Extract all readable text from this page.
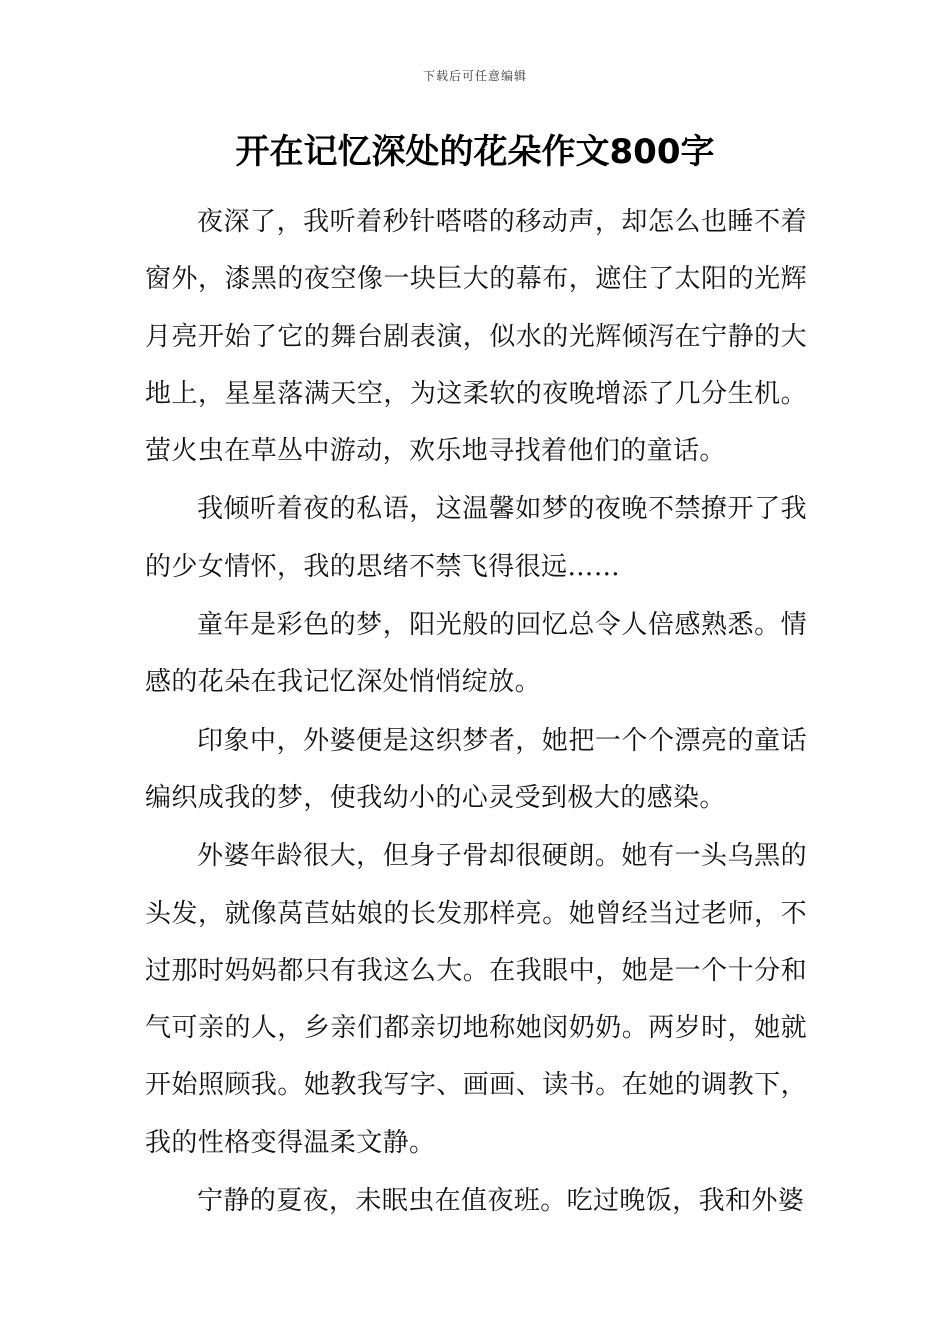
下载后可任意编辑
开在记忆深处的花朵作文800字

夜深了，我听着秒针嗒嗒的移动声，却怎么也睡不着窗外，漆黑的夜空像一块巨大的幕布，遮住了太阳的光辉月亮开始了它的舞台剧表演，似水的光辉倾泻在宁静的大地上，星星落满天空，为这柔软的夜晚增添了几分生机。萤火虫在草丛中游动，欢乐地寻找着他们的童话。

我倾听着夜的私语，这温馨如梦的夜晚不禁撩开了我的少女情怀，我的思绪不禁飞得很远……

童年是彩色的梦，阳光般的回忆总令人倍感熟悉。情感的花朵在我记忆深处悄悄绽放。

印象中，外婆便是这织梦者，她把一个个漂亮的童话编织成我的梦，使我幼小的心灵受到极大的感染。

外婆年龄很大，但身子骨却很硬朗。她有一头乌黑的头发，就像莴苣姑娘的长发那样亮。她曾经当过老师，不过那时妈妈都只有我这么大。在我眼中，她是一个十分和气可亲的人，乡亲们都亲切地称她闵奶奶。两岁时，她就开始照顾我。她教我写字、画画、读书。在她的调教下，我的性格变得温柔文静。

宁静的夏夜，未眠虫在值夜班。吃过晚饭，我和外婆
